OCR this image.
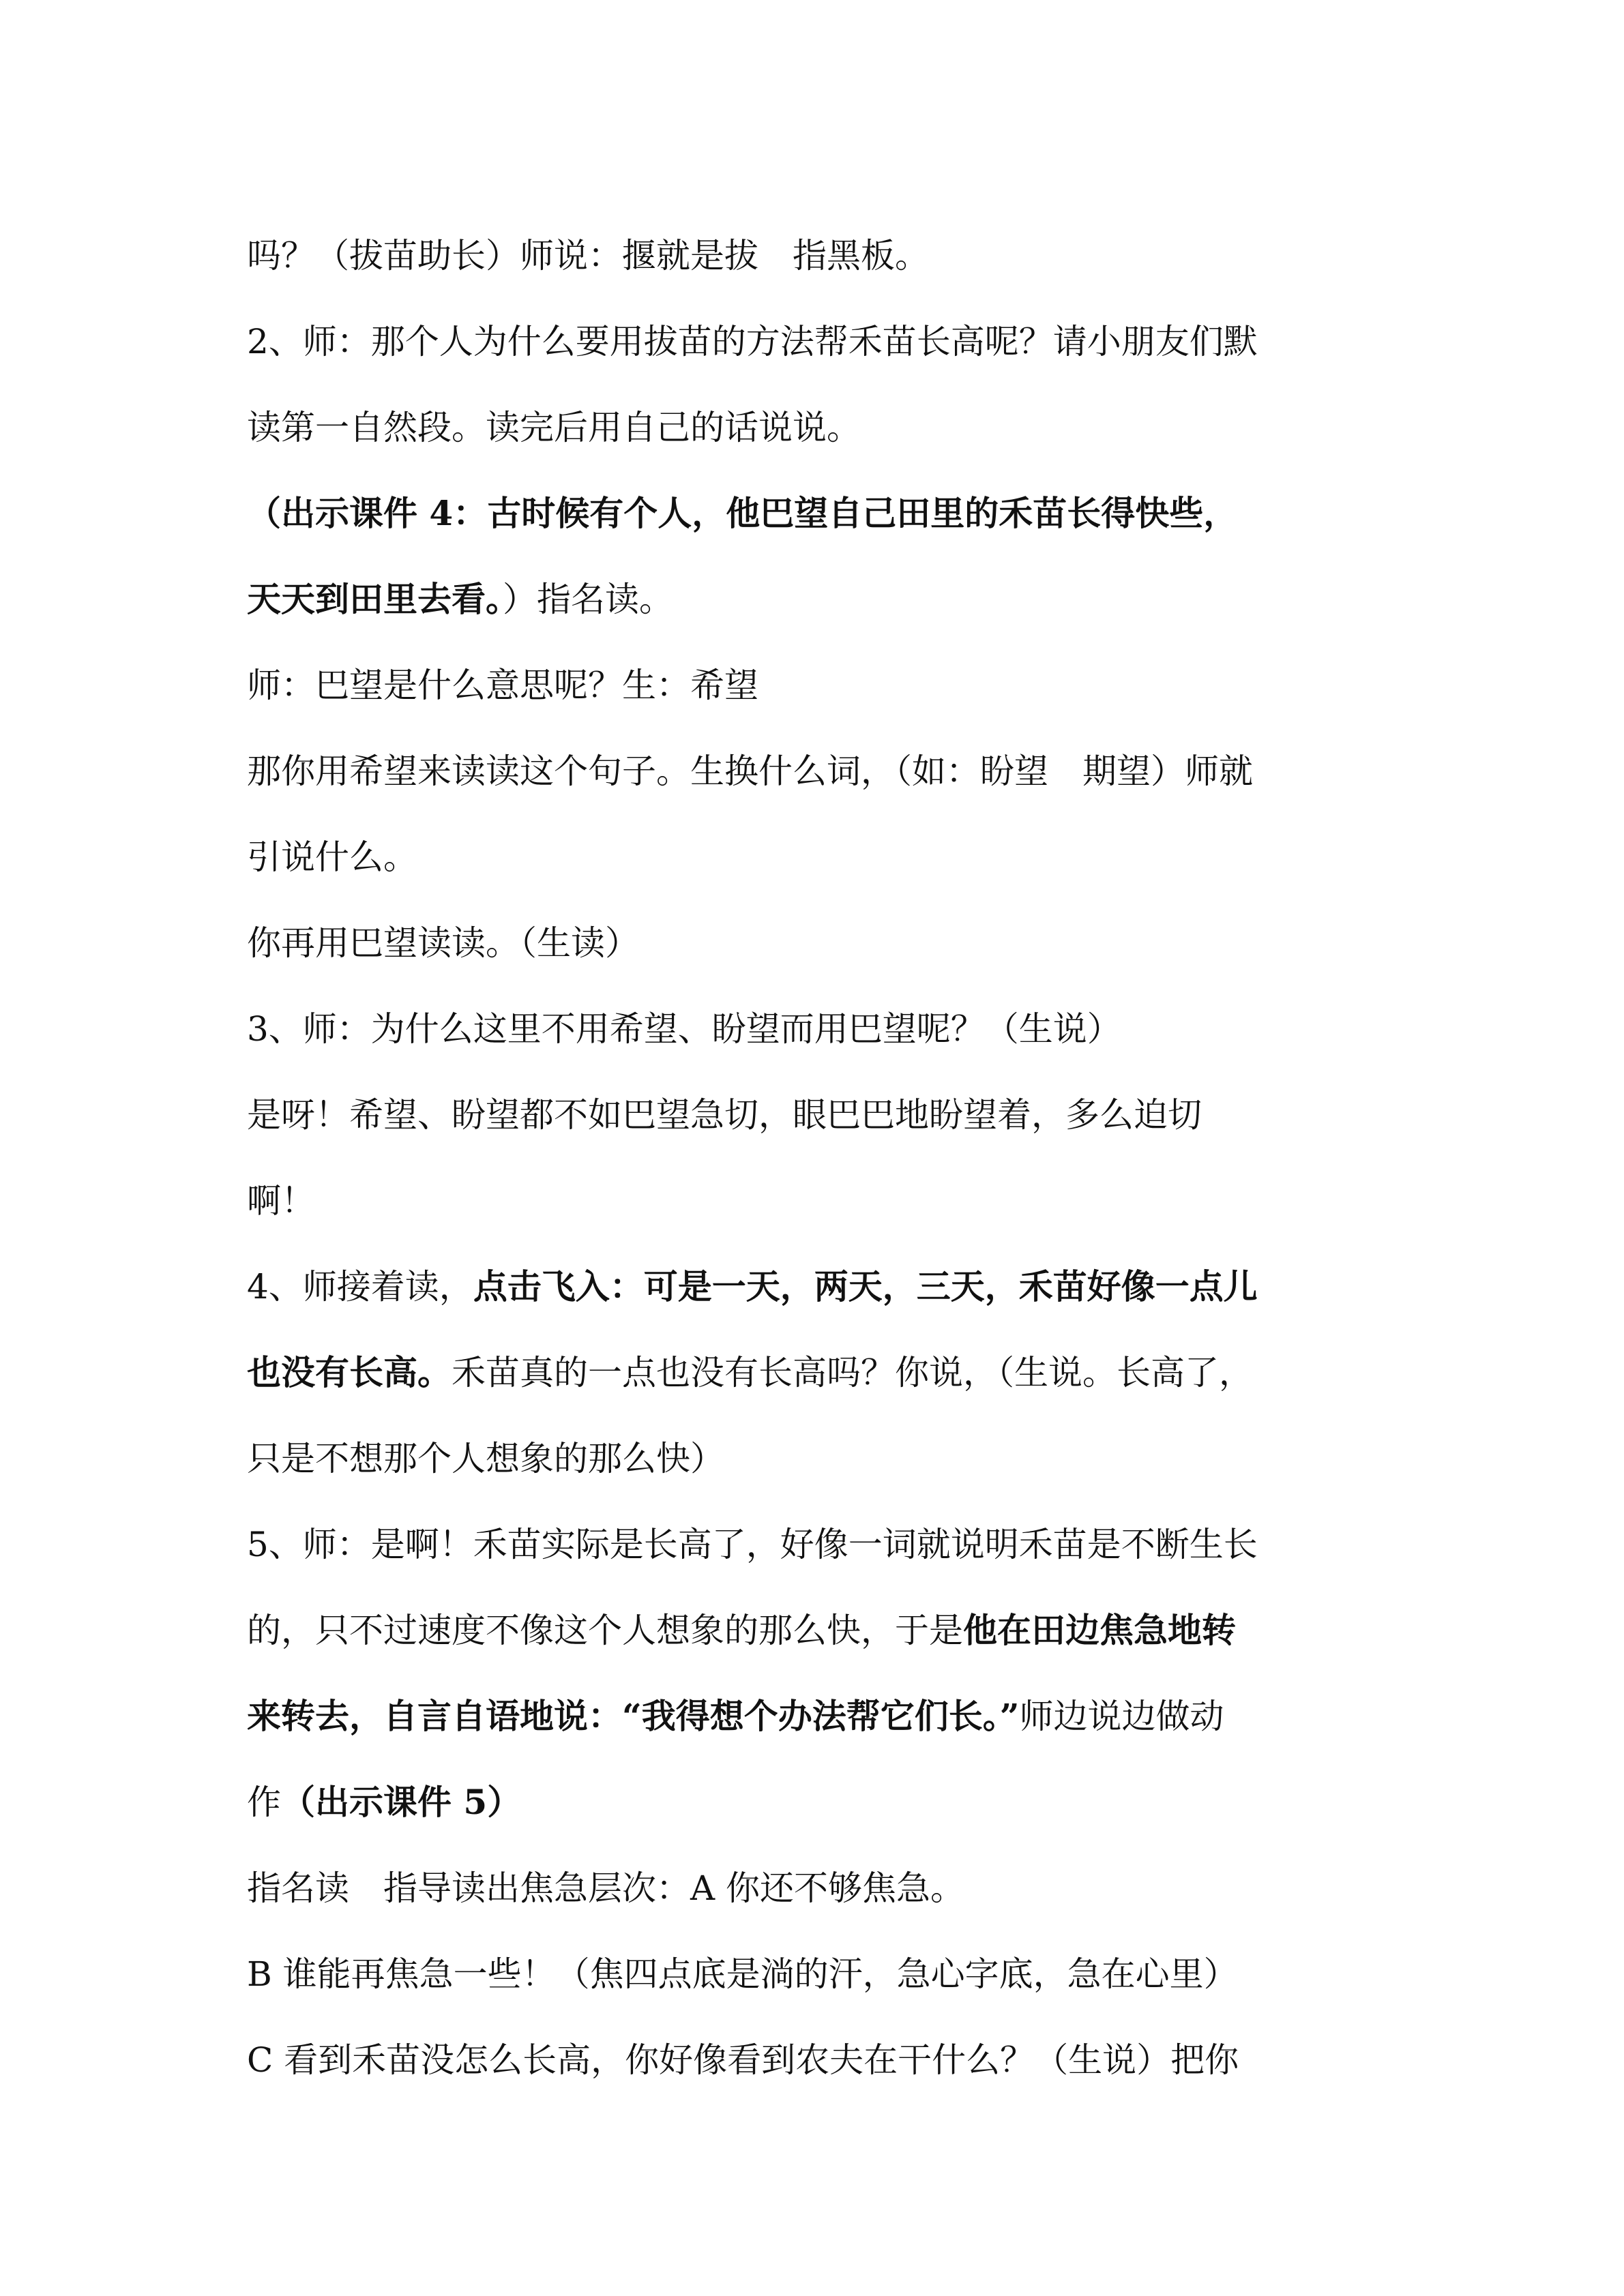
吗？（拔苗助长）师说：揠就是拔　指黑板。
2、师：那个人为什么要用拔苗的方法帮禾苗长高呢？请小朋友们默
读第一自然段。读完后用自己的话说说。
（出示课件 4：古时候有个人，他巴望自己田里的禾苗长得快些，
天天到田里去看。）指名读。
师：巴望是什么意思呢？生：希望
那你用希望来读读这个句子。生换什么词，（如：盼望　期望）师就
引说什么。
你再用巴望读读。（生读）
3、师：为什么这里不用希望、盼望而用巴望呢？（生说）
是呀！希望、盼望都不如巴望急切，眼巴巴地盼望着，多么迫切
啊！
4、师接着读，点击飞入：可是一天，两天，三天，禾苗好像一点儿
也没有长高。禾苗真的一点也没有长高吗？你说，（生说。长高了，
只是不想那个人想象的那么快）
5、师：是啊！禾苗实际是长高了，好像一词就说明禾苗是不断生长
的，只不过速度不像这个人想象的那么快，于是他在田边焦急地转
来转去，自言自语地说：“我得想个办法帮它们长。”师边说边做动
作（出示课件 5）
指名读　指导读出焦急层次：A 你还不够焦急。
B 谁能再焦急一些！（焦四点底是淌的汗，急心字底，急在心里）
C 看到禾苗没怎么长高，你好像看到农夫在干什么？（生说）把你
